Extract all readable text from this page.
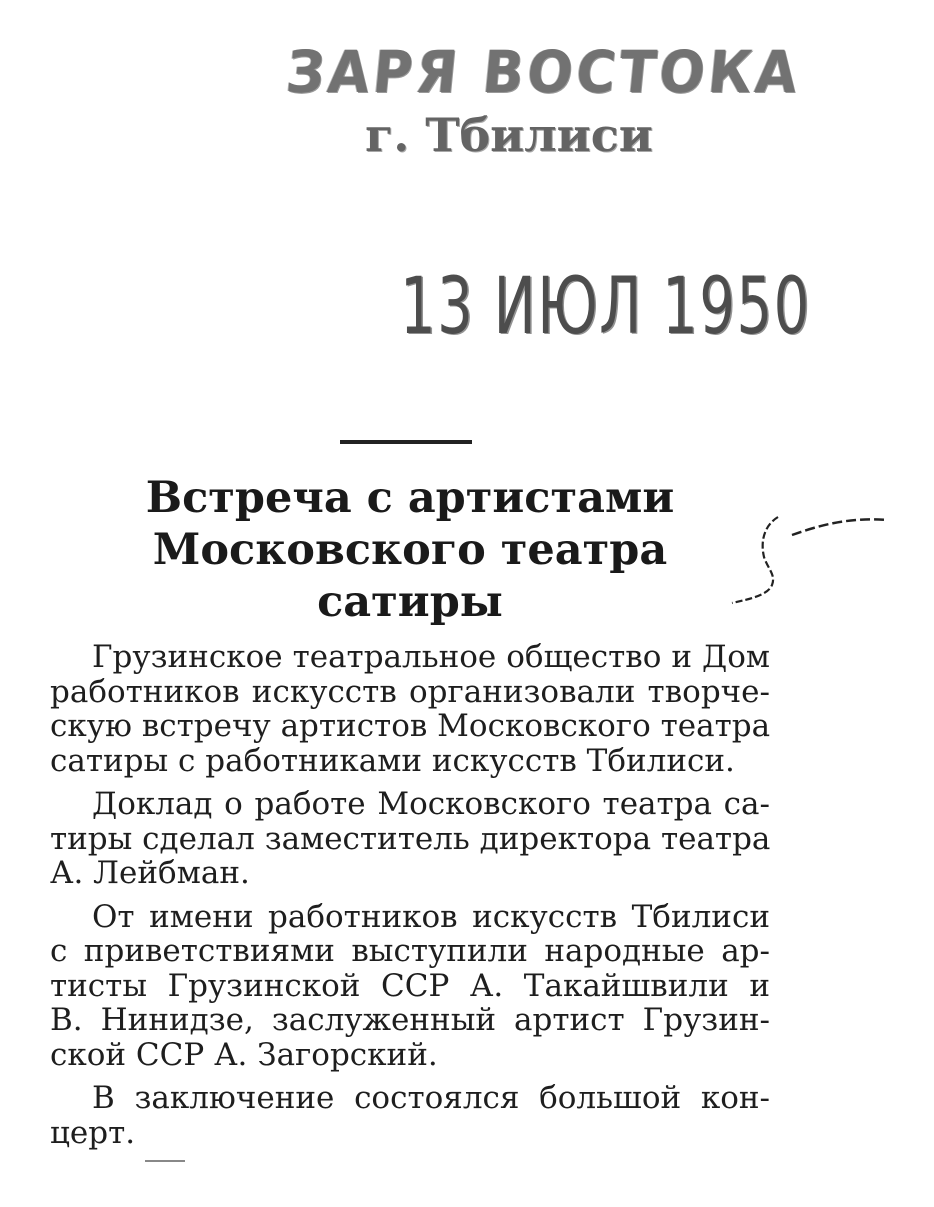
ЗАРЯ ВОСТОКА
г. Тбилиси
13 ИЮЛ 1950
Встреча с артистами
Московского театра
сатиры
5
Грузинское театральное общество и Дом
работников искусств организовали творче-
скую встречу артистов Московского театра
сатиры с работниками искусств Тбилиси.
Доклад о работе Московского театра са-
тиры сделал заместитель директора театра
А. Лейбман.
От имени работников искусств Тбилиси
с приветствиями выступили народные ар-
тисты Грузинской ССР А. Такайшвили и
В. Нинидзе, заслуженный артист Грузин-
ской ССР А. Загорский.
В заключение состоялся большой кон-
церт.
